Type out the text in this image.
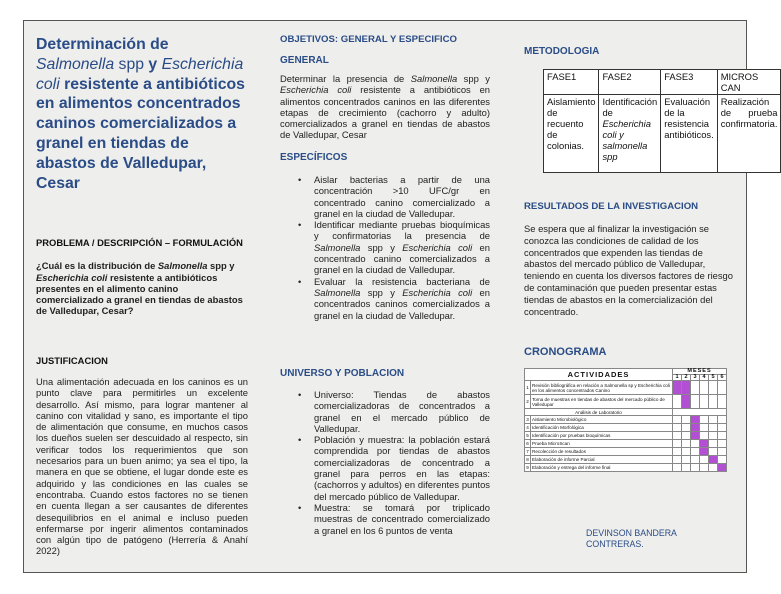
Determinación de Salmonella spp y Escherichia coli resistente a antibióticos en alimentos concentrados caninos comercializados a granel en tiendas de abastos de Valledupar, Cesar
PROBLEMA / DESCRIPCIÓN – FORMULACIÓN
¿Cuál es la distribución de Salmonella spp y Escherichia coli resistente a antibióticos presentes en el alimento canino comercializado a granel en tiendas de abastos de Valledupar, Cesar?
JUSTIFICACION
Una alimentación adecuada en los caninos es un punto clave para permitirles un excelente desarrollo. Así mismo, para lograr mantener al canino con vitalidad y sano, es importante el tipo de alimentación que consume, en muchos casos los dueños suelen ser descuidado al respecto, sin verificar todos los requerimientos que son necesarios para un buen animo; ya sea el tipo, la manera en que se obtiene, el lugar donde este es adquirido y las condiciones en las cuales se encontraba. Cuando estos factores no se tienen en cuenta llegan a ser causantes de diferentes desequilibrios en el animal e incluso pueden enfermarse por ingerir alimentos contaminados con algún tipo de patógeno (Herrería & Anahí 2022)
OBJETIVOS: GENERAL Y ESPECIFICO
GENERAL
Determinar la presencia de Salmonella spp y Escherichia coli resistente a antibióticos en alimentos concentrados caninos en las diferentes etapas de crecimiento (cachorro y adulto) comercializados a granel en tiendas de abastos de Valledupar, Cesar
ESPECÍFICOS
• Aislar bacterias a partir de una concentración >10 UFC/gr en concentrado canino comercializado a granel en la ciudad de Valledupar.
• Identificar mediante pruebas bioquímicas y confirmatorias la presencia de Salmonella spp y Escherichia coli en concentrado canino comercializados a granel en la ciudad de Valledupar.
• Evaluar la resistencia bacteriana de Salmonella spp y Escherichia coli en concentrados caninos comercializados a granel en la ciudad de Valledupar.
UNIVERSO Y POBLACION
• Universo: Tiendas de abastos comercializadoras de concentrados a granel en el mercado público de Valledupar.
• Población y muestra: la población estará comprendida por tiendas de abastos comercializadoras de concentrado a granel para perros en las etapas: (cachorros y adultos) en diferentes puntos del mercado público de Valledupar.
• Muestra: se tomará por triplicado muestras de concentrado comercializado a granel en los 6 puntos de venta
METODOLOGIA
FASE1	FASE2	FASE3	MICROS CAN
Aislamiento de recuento de colonias.	Identificación de Escherichia coli y salmonella spp	Evaluación de la resistencia antibióticos.	Realización de prueba confirmatoria.
RESULTADOS DE LA INVESTIGACION
Se espera que al finalizar la investigación se conozca las condiciones de calidad de los concentrados que expenden las tiendas de abastos del mercado público de Valledupar, teniendo en cuenta los diversos factores de riesgo de contaminación que pueden presentar estas tiendas de abastos en la comercialización del concentrado.
CRONOGRAMA
ACTIVIDADES		MESES					
		1	2	3	4	5	6
1	Revisión bibliográfica en relación a Salmonella sp y Escherichia coli en los alimentos concentrados Canino						
2	Toma de muestras en tiendas de abastos del mercado público de Valledupar						
Análisis de Laboratorio							
3	Aislamiento Microbiológico						
4	Identificación Morfológica						
5	Identificación por pruebas bioquímicas						
6	Prueba MicroScan						
7	Recolección de resultados						
8	Elaboración de informe Parcial						
9	Elaboración y entrega del informe final						
DEVINSON BANDERA CONTRERAS.
